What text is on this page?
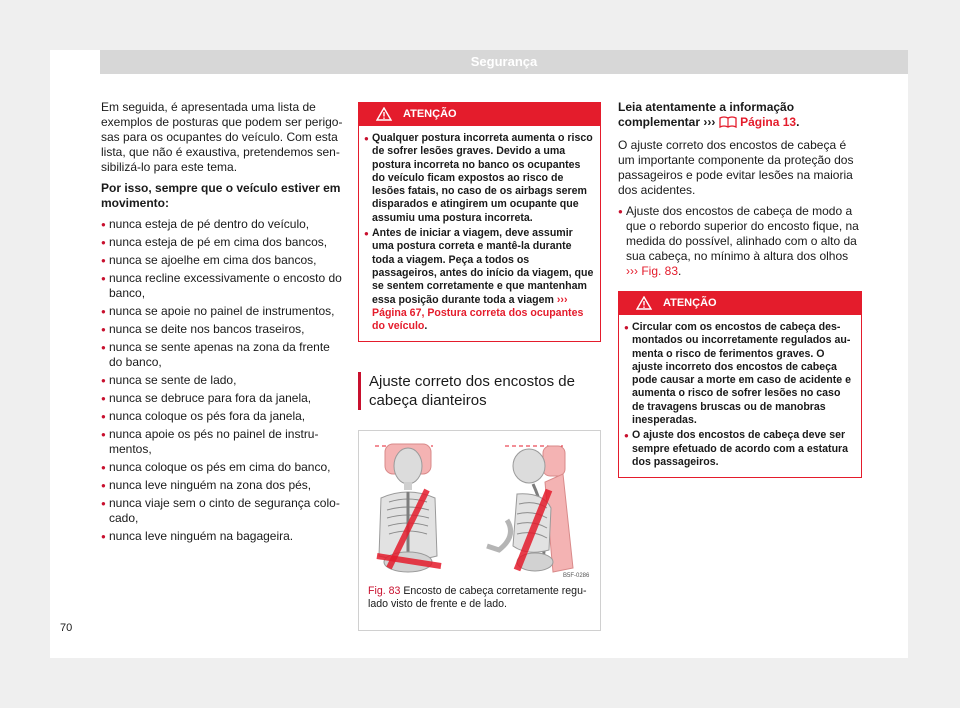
Segurança

Em seguida, é apresentada uma lista de exemplos de posturas que podem ser perigosas para os ocupantes do veículo. Com esta lista, que não é exaustiva, pretendemos sensibilizá-lo para este tema.

Por isso, sempre que o veículo estiver em movimento:

● nunca esteja de pé dentro do veículo,
● nunca esteja de pé em cima dos bancos,
● nunca se ajoelhe em cima dos bancos,
● nunca recline excessivamente o encosto do banco,
● nunca se apoie no painel de instrumentos,
● nunca se deite nos bancos traseiros,
● nunca se sente apenas na zona da frente do banco,
● nunca se sente de lado,
● nunca se debruce para fora da janela,
● nunca coloque os pés fora da janela,
● nunca apoie os pés no painel de instrumentos,
● nunca coloque os pés em cima do banco,
● nunca leve ninguém na zona dos pés,
● nunca viaje sem o cinto de segurança colocado,
● nunca leve ninguém na bagageira.
ATENÇÃO
● Qualquer postura incorreta aumenta o risco de sofrer lesões graves. Devido a uma postura incorreta no banco os ocupantes do veículo ficam expostos ao risco de lesões fatais, no caso de os airbags serem disparados e atingirem um ocupante que assumiu uma postura incorreta.
● Antes de iniciar a viagem, deve assumir uma postura correta e mantê-la durante toda a viagem. Peça a todos os passageiros, antes do início da viagem, que se sentem corretamente e que mantenham essa posição durante toda a viagem ››› Página 67, Postura correta dos ocupantes do veículo.
Ajuste correto dos encostos de cabeça dianteiros
B5F-0286
Fig. 83 Encosto de cabeça corretamente regulado visto de frente e de lado.

Leia atentamente a informação complementar ››› Página 13.

O ajuste correto dos encostos de cabeça é um importante componente da proteção dos passageiros e pode evitar lesões na maioria dos acidentes.

● Ajuste dos encostos de cabeça de modo a que o rebordo superior do encosto fique, na medida do possível, alinhado com o alto da sua cabeça, no mínimo à altura dos olhos ››› Fig. 83.
ATENÇÃO
● Circular com os encostos de cabeça desmontados ou incorretamente regulados aumenta o risco de ferimentos graves. O ajuste incorreto dos encostos de cabeça pode causar a morte em caso de acidente e aumenta o risco de sofrer lesões no caso de travagens bruscas ou de manobras inesperadas.
● O ajuste dos encostos de cabeça deve ser sempre efetuado de acordo com a estatura dos passageiros.
70
